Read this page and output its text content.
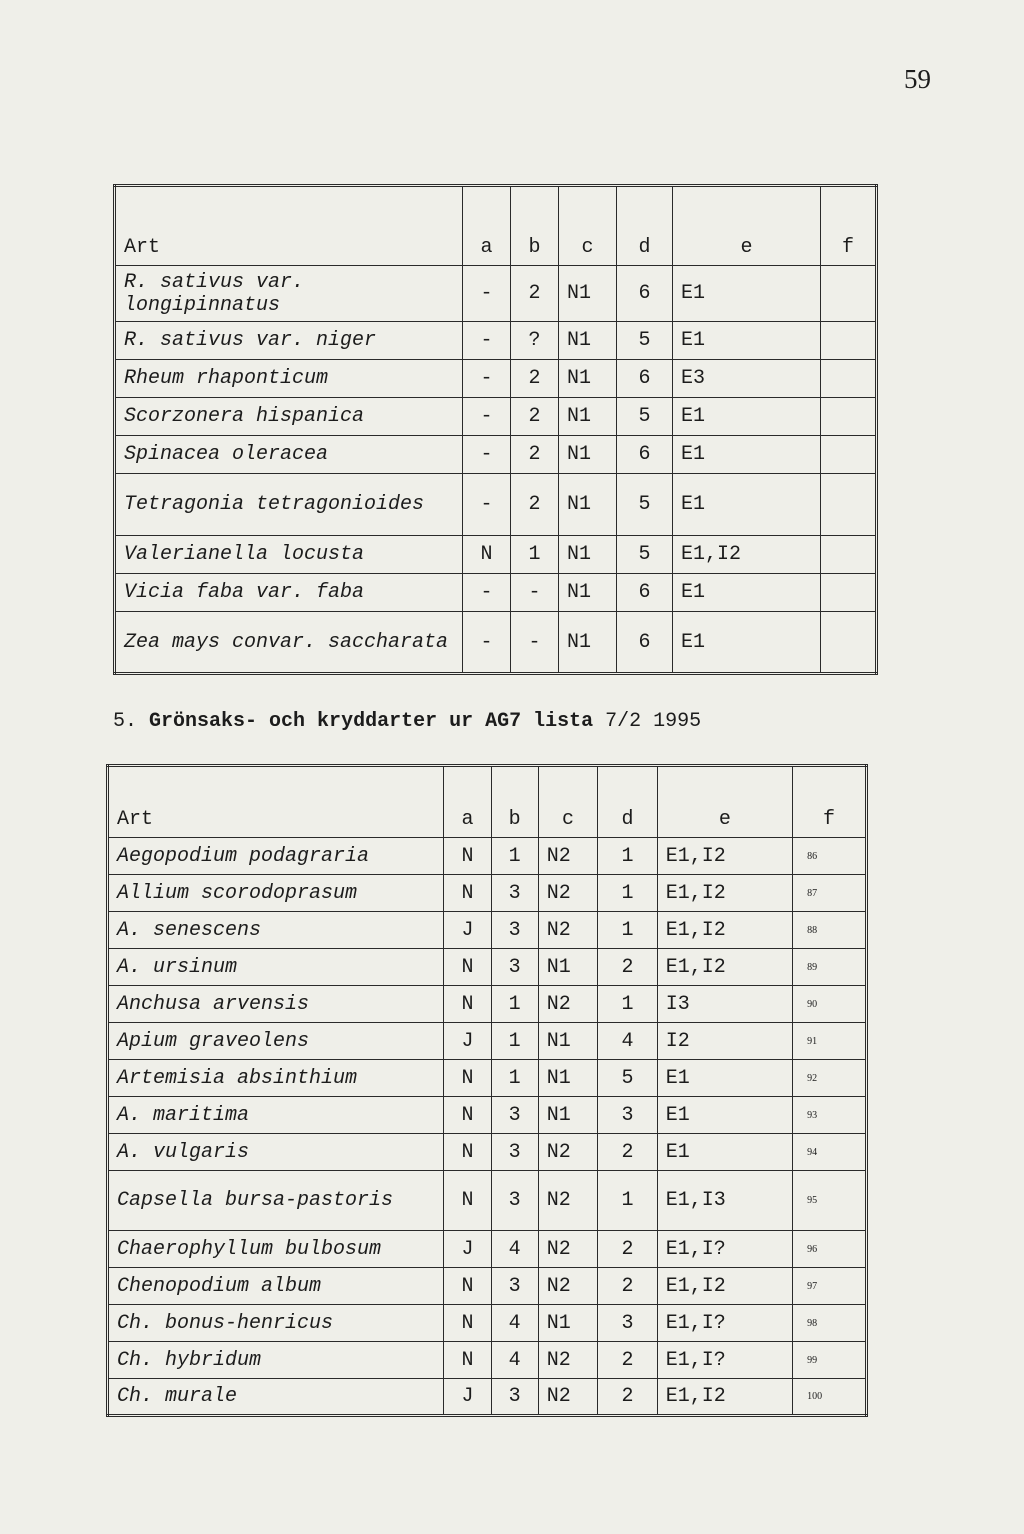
59
Art	a	b	c	d	e	f
R. sativus var. longipinnatus	-	2	N1	6	E1	
R. sativus var. niger	-	?	N1	5	E1	
Rheum rhaponticum	-	2	N1	6	E3	
Scorzonera hispanica	-	2	N1	5	E1	
Spinacea oleracea	-	2	N1	6	E1	
Tetragonia tetragonioides	-	2	N1	5	E1	
Valerianella locusta	N	1	N1	5	E1,I2	
Vicia faba var. faba	-	-	N1	6	E1	
Zea mays convar. saccharata	-	-	N1	6	E1	

5. Grönsaks- och kryddarter ur AG7 lista 7/2 1995

Art	a	b	c	d	e	f
Aegopodium podagraria	N	1	N2	1	E1,I2	86
Allium scorodoprasum	N	3	N2	1	E1,I2	87
A. senescens	J	3	N2	1	E1,I2	88
A. ursinum	N	3	N1	2	E1,I2	89
Anchusa arvensis	N	1	N2	1	I3	90
Apium graveolens	J	1	N1	4	I2	91
Artemisia absinthium	N	1	N1	5	E1	92
A. maritima	N	3	N1	3	E1	93
A. vulgaris	N	3	N2	2	E1	94
Capsella bursa-pastoris	N	3	N2	1	E1,I3	95
Chaerophyllum bulbosum	J	4	N2	2	E1,I?	96
Chenopodium album	N	3	N2	2	E1,I2	97
Ch. bonus-henricus	N	4	N1	3	E1,I?	98
Ch. hybridum	N	4	N2	2	E1,I?	99
Ch. murale	J	3	N2	2	E1,I2	100
